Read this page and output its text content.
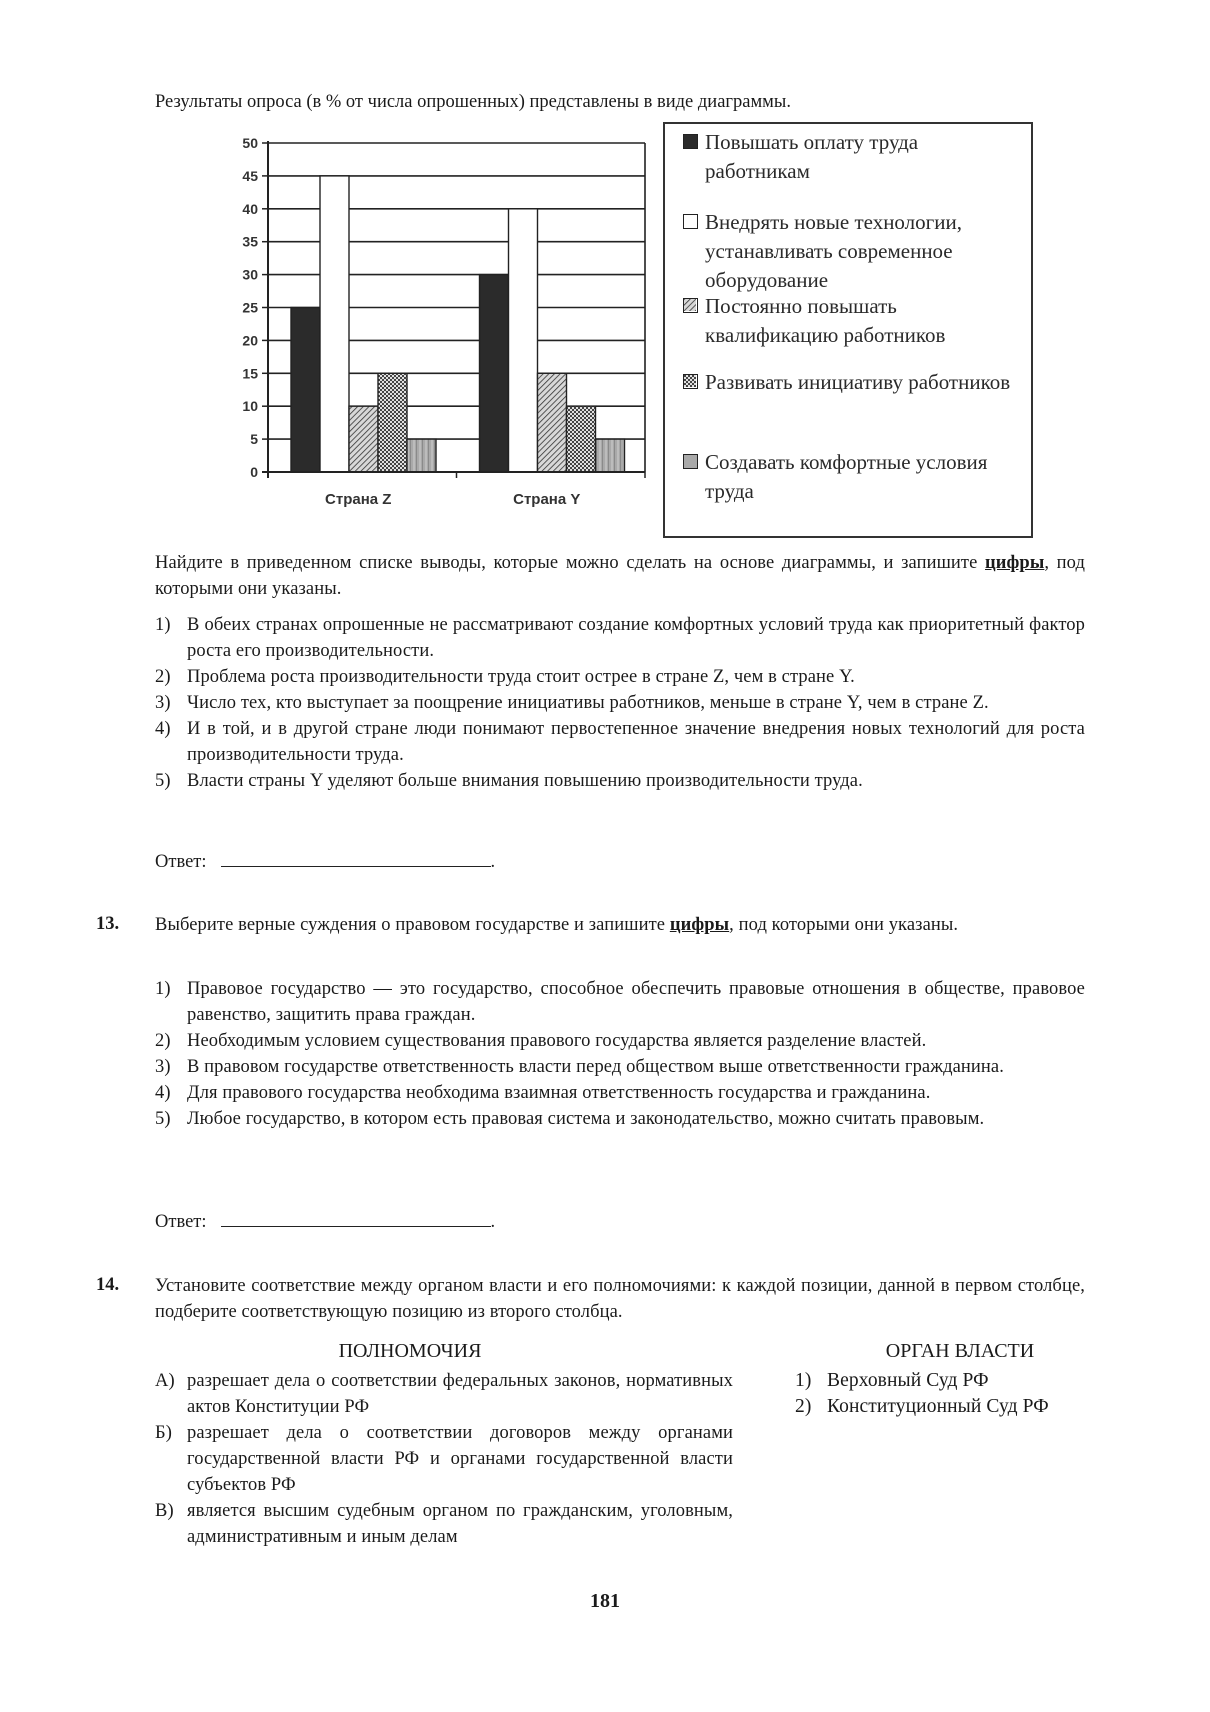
Результаты опроса (в % от числа опрошенных) представлены в виде диаграммы.
0
5
10
15
20
25
30
35
40
45
50
Страна Z	Страна Y
Повышать оплату труда работникам
Внедрять новые технологии, устанавливать современное оборудование
Постоянно повышать квалификацию работников
Развивать инициативу работников
Создавать комфортные условия труда
Найдите в приведенном списке выводы, которые можно сделать на основе диаграммы, и запишите цифры, под которыми они указаны.
1) В обеих странах опрошенные не рассматривают создание комфортных условий труда как приоритетный фактор роста его производительности.
2) Проблема роста производительности труда стоит острее в стране Z, чем в стране Y.
3) Число тех, кто выступает за поощрение инициативы работников, меньше в стране Y, чем в стране Z.
4) И в той, и в другой стране люди понимают первостепенное значение внедрения новых технологий для роста производительности труда.
5) Власти страны Y уделяют больше внимания повышению производительности труда.
Ответ:	.
13. Выберите верные суждения о правовом государстве и запишите цифры, под которыми они указаны.
1) Правовое государство — это государство, способное обеспечить правовые отношения в обществе, правовое равенство, защитить права граждан.
2) Необходимым условием существования правового государства является разделение властей.
3) В правовом государстве ответственность власти перед обществом выше ответственности гражданина.
4) Для правового государства необходима взаимная ответственность государства и гражданина.
5) Любое государство, в котором есть правовая система и законодательство, можно считать правовым.
Ответ:	.
14. Установите соответствие между органом власти и его полномочиями: к каждой позиции, данной в первом столбце, подберите соответствующую позицию из второго столбца.
ПОЛНОМОЧИЯ	ОРГАН ВЛАСТИ
А) разрешает дела о соответствии федеральных законов, нормативных актов Конституции РФ
Б) разрешает дела о соответствии договоров между органами государственной власти РФ и органами государственной власти субъектов РФ
В) является высшим судебным органом по гражданским, уголовным, административным и иным делам
1) Верховный Суд РФ
2) Конституционный Суд РФ
181
